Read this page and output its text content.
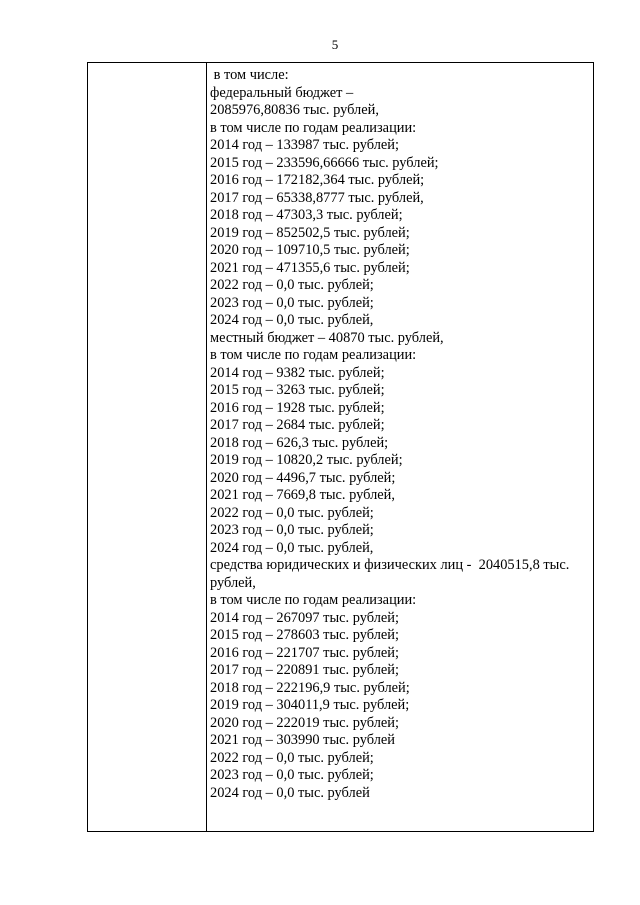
5
в том числе:
федеральный бюджет –
2085976,80836 тыс. рублей,
в том числе по годам реализации:
2014 год – 133987 тыс. рублей;
2015 год – 233596,66666 тыс. рублей;
2016 год – 172182,364 тыс. рублей;
2017 год – 65338,8777 тыс. рублей,
2018 год – 47303,3 тыс. рублей;
2019 год – 852502,5 тыс. рублей;
2020 год – 109710,5 тыс. рублей;
2021 год – 471355,6 тыс. рублей;
2022 год – 0,0 тыс. рублей;
2023 год – 0,0 тыс. рублей;
2024 год – 0,0 тыс. рублей,
местный бюджет – 40870 тыс. рублей,
в том числе по годам реализации:
2014 год – 9382 тыс. рублей;
2015 год – 3263 тыс. рублей;
2016 год – 1928 тыс. рублей;
2017 год – 2684 тыс. рублей;
2018 год – 626,3 тыс. рублей;
2019 год – 10820,2 тыс. рублей;
2020 год – 4496,7 тыс. рублей;
2021 год – 7669,8 тыс. рублей,
2022 год – 0,0 тыс. рублей;
2023 год – 0,0 тыс. рублей;
2024 год – 0,0 тыс. рублей,
средства юридических и физических лиц -  2040515,8 тыс.
рублей,
в том числе по годам реализации:
2014 год – 267097 тыс. рублей;
2015 год – 278603 тыс. рублей;
2016 год – 221707 тыс. рублей;
2017 год – 220891 тыс. рублей;
2018 год – 222196,9 тыс. рублей;
2019 год – 304011,9 тыс. рублей;
2020 год – 222019 тыс. рублей;
2021 год – 303990 тыс. рублей
2022 год – 0,0 тыс. рублей;
2023 год – 0,0 тыс. рублей;
2024 год – 0,0 тыс. рублей
